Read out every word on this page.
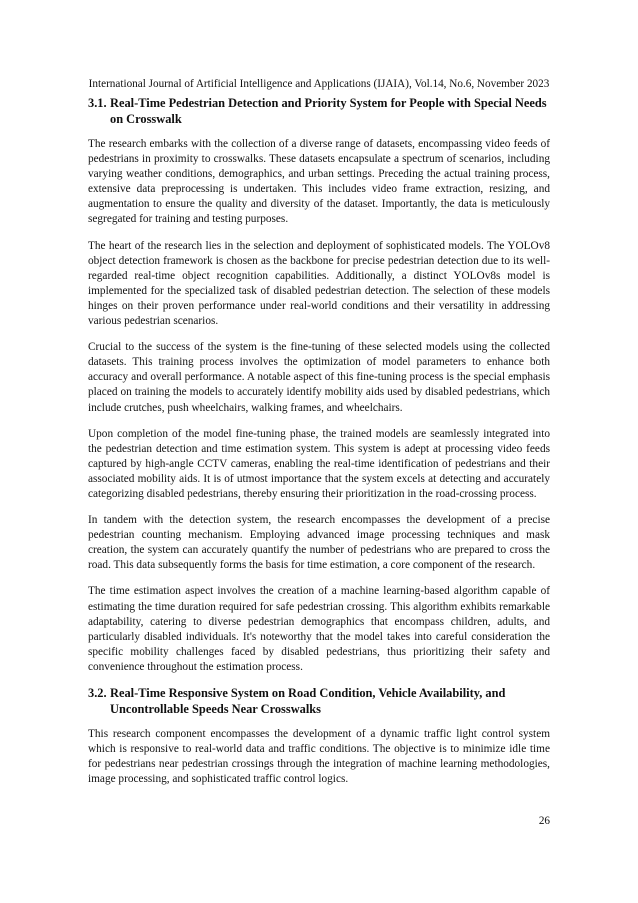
International Journal of Artificial Intelligence and Applications (IJAIA), Vol.14, No.6, November 2023
3.1. Real-Time Pedestrian Detection and Priority System for People with Special Needs on Crosswalk

The research embarks with the collection of a diverse range of datasets, encompassing video feeds of pedestrians in proximity to crosswalks. These datasets encapsulate a spectrum of scenarios, including varying weather conditions, demographics, and urban settings. Preceding the actual training process, extensive data preprocessing is undertaken. This includes video frame extraction, resizing, and augmentation to ensure the quality and diversity of the dataset. Importantly, the data is meticulously segregated for training and testing purposes.

The heart of the research lies in the selection and deployment of sophisticated models. The YOLOv8 object detection framework is chosen as the backbone for precise pedestrian detection due to its well-regarded real-time object recognition capabilities. Additionally, a distinct YOLOv8s model is implemented for the specialized task of disabled pedestrian detection. The selection of these models hinges on their proven performance under real-world conditions and their versatility in addressing various pedestrian scenarios.

Crucial to the success of the system is the fine-tuning of these selected models using the collected datasets. This training process involves the optimization of model parameters to enhance both accuracy and overall performance. A notable aspect of this fine-tuning process is the special emphasis placed on training the models to accurately identify mobility aids used by disabled pedestrians, which include crutches, push wheelchairs, walking frames, and wheelchairs.

Upon completion of the model fine-tuning phase, the trained models are seamlessly integrated into the pedestrian detection and time estimation system. This system is adept at processing video feeds captured by high-angle CCTV cameras, enabling the real-time identification of pedestrians and their associated mobility aids. It is of utmost importance that the system excels at detecting and accurately categorizing disabled pedestrians, thereby ensuring their prioritization in the road-crossing process.

In tandem with the detection system, the research encompasses the development of a precise pedestrian counting mechanism. Employing advanced image processing techniques and mask creation, the system can accurately quantify the number of pedestrians who are prepared to cross the road. This data subsequently forms the basis for time estimation, a core component of the research.

The time estimation aspect involves the creation of a machine learning-based algorithm capable of estimating the time duration required for safe pedestrian crossing. This algorithm exhibits remarkable adaptability, catering to diverse pedestrian demographics that encompass children, adults, and particularly disabled individuals. It's noteworthy that the model takes into careful consideration the specific mobility challenges faced by disabled pedestrians, thus prioritizing their safety and convenience throughout the estimation process.

3.2. Real-Time Responsive System on Road Condition, Vehicle Availability, and Uncontrollable Speeds Near Crosswalks

This research component encompasses the development of a dynamic traffic light control system which is responsive to real-world data and traffic conditions. The objective is to minimize idle time for pedestrians near pedestrian crossings through the integration of machine learning methodologies, image processing, and sophisticated traffic control logics.

26
